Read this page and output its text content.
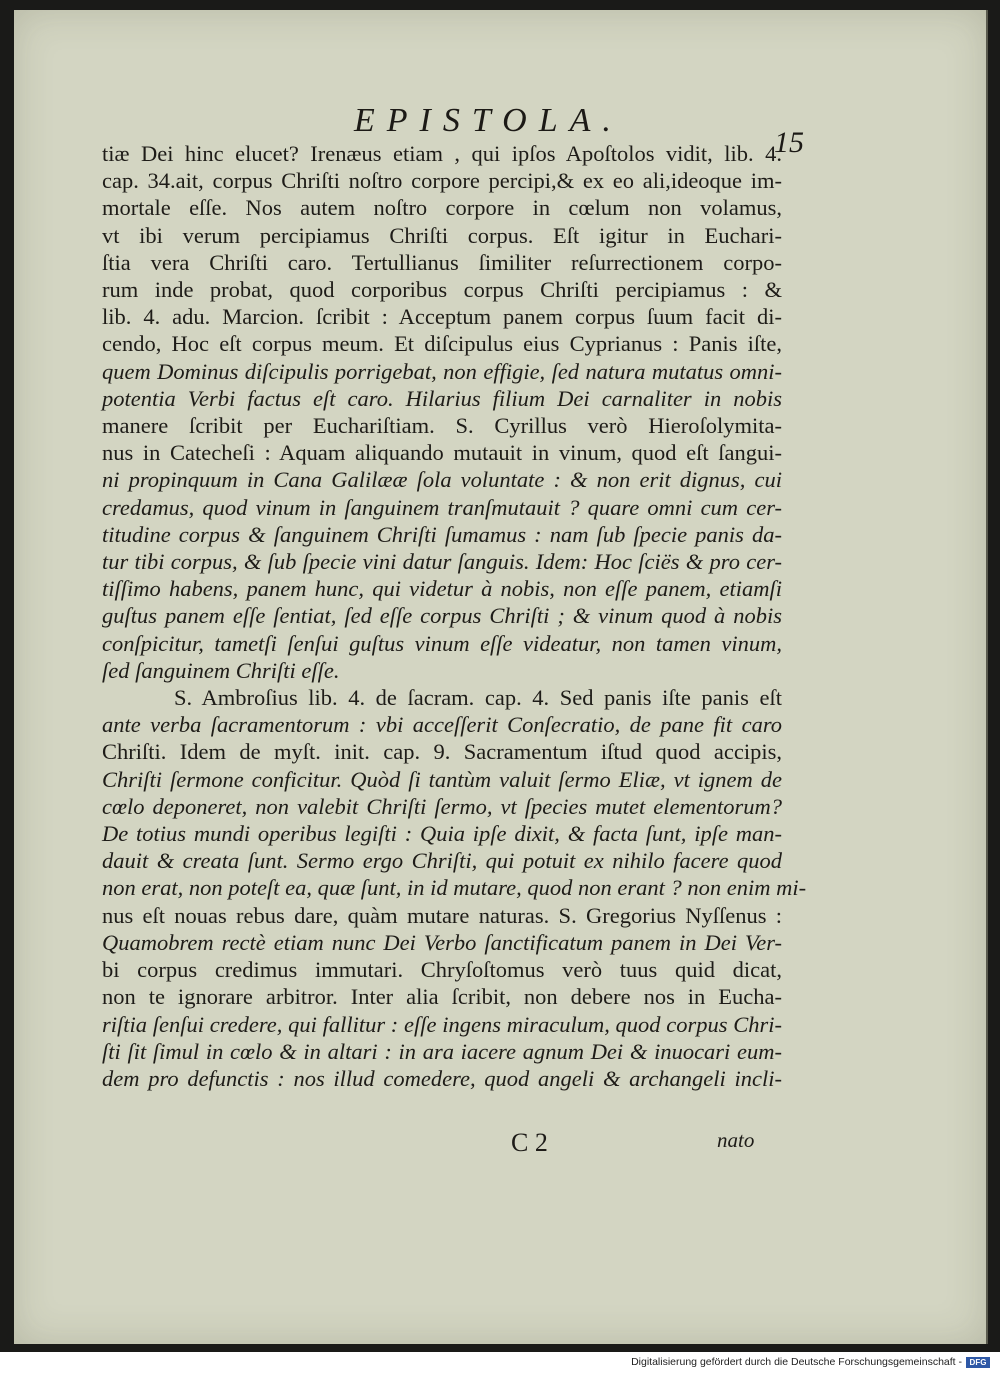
EPISTOLA.
15
tiæ Dei hinc elucet? Irenæus etiam , qui ipſos Apoſtolos vidit, lib. 4.
cap. 34.ait, corpus Chriſti noſtro corpore percipi,& ex eo ali,ideoque im-
mortale eſſe. Nos autem noſtro corpore in cœlum non volamus,
vt ibi verum percipiamus Chriſti corpus. Eſt igitur in Euchari-
ſtia vera Chriſti caro. Tertullianus ſimiliter reſurrectionem corpo-
rum inde probat, quod corporibus corpus Chriſti percipiamus : &
lib. 4. adu. Marcion. ſcribit : Acceptum panem corpus ſuum facit di-
cendo, Hoc eſt corpus meum. Et diſcipulus eius Cyprianus : Panis iſte,
quem Dominus diſcipulis porrigebat, non effigie, ſed natura mutatus omni-
potentia Verbi factus eſt caro. Hilarius filium Dei carnaliter in nobis
manere ſcribit per Euchariſtiam. S. Cyrillus verò Hieroſolymita-
nus in Catecheſi : Aquam aliquando mutauit in vinum, quod eſt ſangui-
ni propinquum in Cana Galilææ ſola voluntate : & non erit dignus, cui
credamus, quod vinum in ſanguinem tranſmutauit ? quare omni cum cer-
titudine corpus & ſanguinem Chriſti ſumamus : nam ſub ſpecie panis da-
tur tibi corpus, & ſub ſpecie vini datur ſanguis. Idem: Hoc ſciës & pro cer-
tiſſimo habens, panem hunc, qui videtur à nobis, non eſſe panem, etiamſi
guſtus panem eſſe ſentiat, ſed eſſe corpus Chriſti ; & vinum quod à nobis
conſpicitur, tametſi ſenſui guſtus vinum eſſe videatur, non tamen vinum,
ſed ſanguinem Chriſti eſſe.
S. Ambroſius lib. 4. de ſacram. cap. 4. Sed panis iſte panis eſt
ante verba ſacramentorum : vbi acceſſerit Conſecratio, de pane fit caro
Chriſti. Idem de myſt. init. cap. 9. Sacramentum iſtud quod accipis,
Chriſti ſermone conficitur. Quòd ſi tantùm valuit ſermo Eliæ, vt ignem de
cœlo deponeret, non valebit Chriſti ſermo, vt ſpecies mutet elementorum?
De totius mundi operibus legiſti : Quia ipſe dixit, & facta ſunt, ipſe man-
dauit & creata ſunt. Sermo ergo Chriſti, qui potuit ex nihilo facere quod
non erat, non poteſt ea, quæ ſunt, in id mutare, quod non erant ? non enim mi-
nus eſt nouas rebus dare, quàm mutare naturas. S. Gregorius Nyſſenus :
Quamobrem rectè etiam nunc Dei Verbo ſanctificatum panem in Dei Ver-
bi corpus credimus immutari. Chryſoſtomus verò tuus quid dicat,
non te ignorare arbitror. Inter alia ſcribit, non debere nos in Eucha-
riſtia ſenſui credere, qui fallitur : eſſe ingens miraculum, quod corpus Chri-
ſti ſit ſimul in cœlo & in altari : in ara iacere agnum Dei & inuocari eum-
dem pro defunctis : nos illud comedere, quod angeli & archangeli incli-
C 2	nato
Digitalisierung gefördert durch die Deutsche Forschungsgemeinschaft - DFG
